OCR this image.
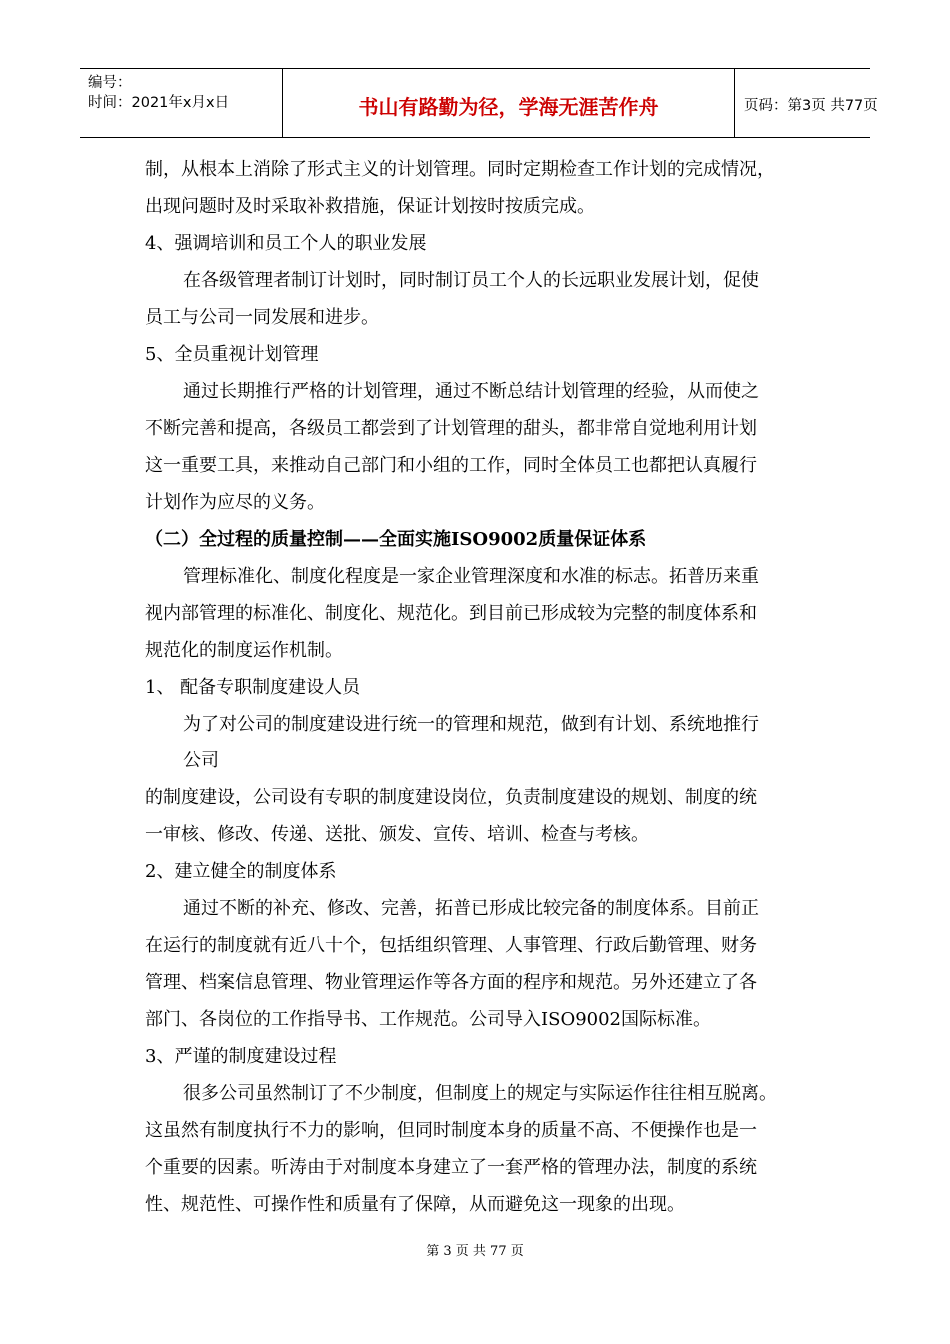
编号：
时间：2021年x月x日	书山有路勤为径，学海无涯苦作舟	页码：第3页 共77页
制，从根本上消除了形式主义的计划管理。同时定期检查工作计划的完成情况，
出现问题时及时采取补救措施，保证计划按时按质完成。
4、强调培训和员工个人的职业发展
在各级管理者制订计划时，同时制订员工个人的长远职业发展计划，促使
员工与公司一同发展和进步。
5、全员重视计划管理
通过长期推行严格的计划管理，通过不断总结计划管理的经验，从而使之
不断完善和提高，各级员工都尝到了计划管理的甜头，都非常自觉地利用计划
这一重要工具，来推动自己部门和小组的工作，同时全体员工也都把认真履行
计划作为应尽的义务。
（二）全过程的质量控制——全面实施ISO9002质量保证体系
管理标准化、制度化程度是一家企业管理深度和水准的标志。拓普历来重
视内部管理的标准化、制度化、规范化。到目前已形成较为完整的制度体系和
规范化的制度运作机制。
1、 配备专职制度建设人员
为了对公司的制度建设进行统一的管理和规范，做到有计划、系统地推行
公司
的制度建设，公司设有专职的制度建设岗位，负责制度建设的规划、制度的统
一审核、修改、传递、送批、颁发、宣传、培训、检查与考核。
2、建立健全的制度体系
通过不断的补充、修改、完善，拓普已形成比较完备的制度体系。目前正
在运行的制度就有近八十个，包括组织管理、人事管理、行政后勤管理、财务
管理、档案信息管理、物业管理运作等各方面的程序和规范。另外还建立了各
部门、各岗位的工作指导书、工作规范。公司导入ISO9002国际标准。
3、严谨的制度建设过程
很多公司虽然制订了不少制度，但制度上的规定与实际运作往往相互脱离。
这虽然有制度执行不力的影响，但同时制度本身的质量不高、不便操作也是一
个重要的因素。听涛由于对制度本身建立了一套严格的管理办法，制度的系统
性、规范性、可操作性和质量有了保障，从而避免这一现象的出现。
第 3 页 共 77 页
